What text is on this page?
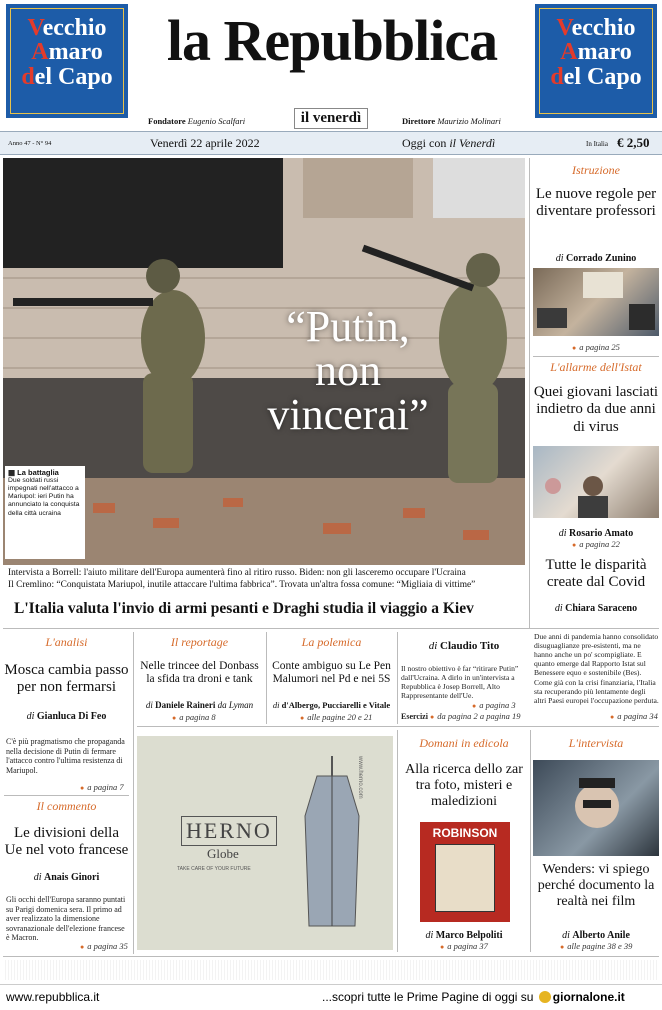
Vecchio
Amaro
del Capo
Vecchio
Amaro
del Capo
la Repubblica
Fondatore Eugenio Scalfari	il venerdì	Direttore Maurizio Molinari
Anno 47 - N° 94	Venerdì 22 aprile 2022	Oggi con il Venerdì	In Italia € 2,50
“Putin,
non
vincerai”
▦ La battaglia
Due soldati russi impegnati nell'attacco a Mariupol: ieri Putin ha annunciato la conquista della città ucraina
Intervista a Borrell: l'aiuto militare dell'Europa aumenterà fino al ritiro russo. Biden: non gli lasceremo occupare l'Ucraina
Il Cremlino: “Conquistata Mariupol, inutile attaccare l'ultima fabbrica”. Trovata un'altra fossa comune: “Migliaia di vittime”
L'Italia valuta l'invio di armi pesanti e Draghi studia il viaggio a Kiev
Istruzione
Le nuove regole per diventare professori
di Corrado Zunino
● a pagina 25
L'allarme dell'Istat
Quei giovani lasciati indietro da due anni di virus
di Rosario Amato
● a pagina 22
Tutte le disparità create dal Covid
di Chiara Saraceno
L'analisi
Mosca cambia passo per non fermarsi
di Gianluca Di Feo
C'è più pragmatismo che propaganda nella decisione di Putin di fermare l'attacco contro l'ultima resistenza di Mariupol.
● a pagina 7
Il commento
Le divisioni della Ue nel voto francese
di Anais Ginori
Gli occhi dell'Europa saranno puntati su Parigi domenica sera. Il primo ad aver realizzato la dimensione sovranazionale dell'elezione francese è Macron.
● a pagina 35
Il reportage
Nelle trincee del Donbass la sfida tra droni e tank
di Daniele Raineri da Lyman
● a pagina 8
La polemica
Conte ambiguo su Le Pen Malumori nel Pd e nei 5S
di d'Albergo, Pucciarelli e Vitale
● alle pagine 20 e 21
di Claudio Tito
Il nostro obiettivo è far “ritirare Putin” dall'Ucraina. A dirlo in un'intervista a Repubblica è Josep Borrell, Alto Rappresentante dell'Ue.
● a pagina 3
Esercizi ● da pagina 2 a pagina 19
Due anni di pandemia hanno consolidato disuguaglianze pre-esistenti, ma ne hanno anche un po' scompigliate. E quanto emerge dal Rapporto Istat sul Benessere equo e sostenibile (Bes). Come già con la crisi finanziaria, l'Italia sta recuperando più lentamente degli altri Paesi europei l'occupazione perduta.
● a pagina 34
HERNO
Globe
TAKE CARE OF YOUR FUTURE
www.herno.com
Domani in edicola
Alla ricerca dello zar tra foto, misteri e maledizioni
ROBINSON
di Marco Belpoliti
● a pagina 37
L'intervista
Wenders: vi spiego perché documento la realtà nei film
di Alberto Anile
● alle pagine 38 e 39
www.repubblica.it	...scopri tutte le Prime Pagine di oggi su giornalone.it
